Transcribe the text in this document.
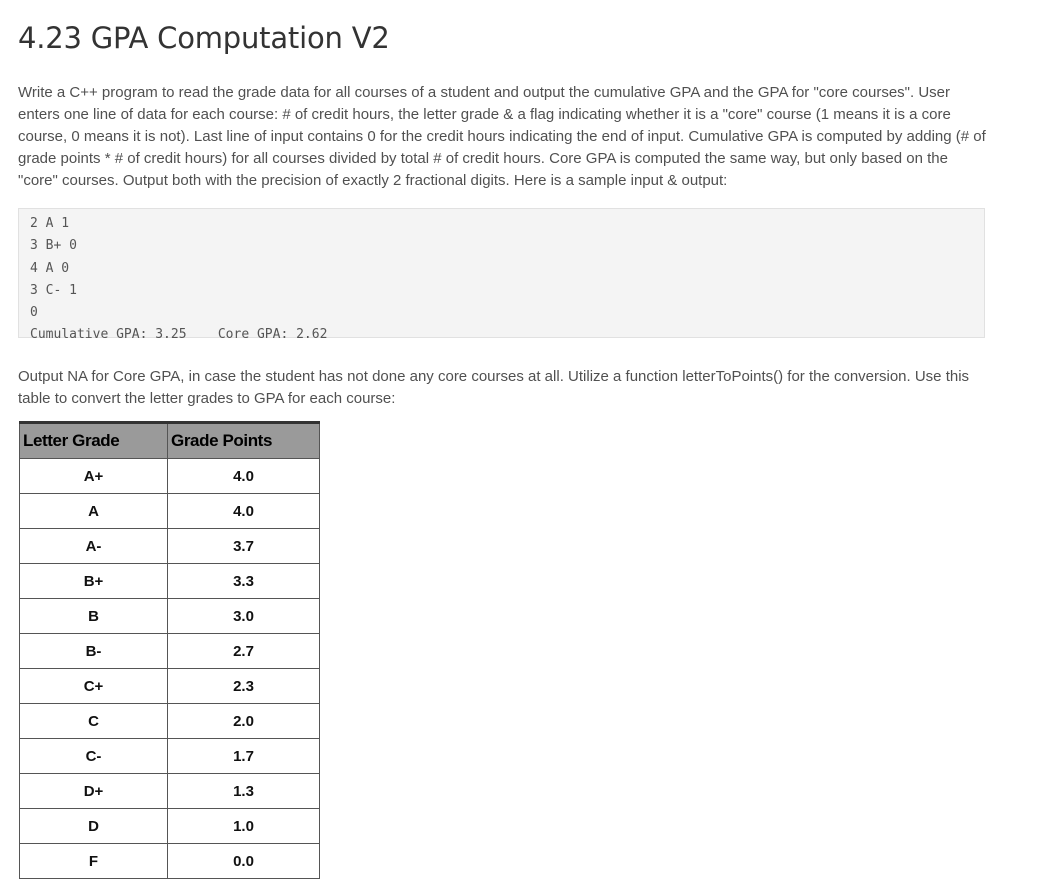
4.23 GPA Computation V2

Write a C++ program to read the grade data for all courses of a student and output the cumulative GPA and the GPA for "core courses". User enters one line of data for each course: # of credit hours, the letter grade & a flag indicating whether it is a "core" course (1 means it is a core course, 0 means it is not). Last line of input contains 0 for the credit hours indicating the end of input. Cumulative GPA is computed by adding (# of grade points * # of credit hours) for all courses divided by total # of credit hours. Core GPA is computed the same way, but only based on the "core" courses. Output both with the precision of exactly 2 fractional digits. Here is a sample input & output:

2 A 1
3 B+ 0
4 A 0
3 C- 1
0
Cumulative GPA: 3.25    Core GPA: 2.62

Output NA for Core GPA, in case the student has not done any core courses at all. Utilize a function letterToPoints() for the conversion. Use this table to convert the letter grades to GPA for each course:

Letter Grade	Grade Points
A+	4.0
A	4.0
A-	3.7
B+	3.3
B	3.0
B-	2.7
C+	2.3
C	2.0
C-	1.7
D+	1.3
D	1.0
F	0.0
